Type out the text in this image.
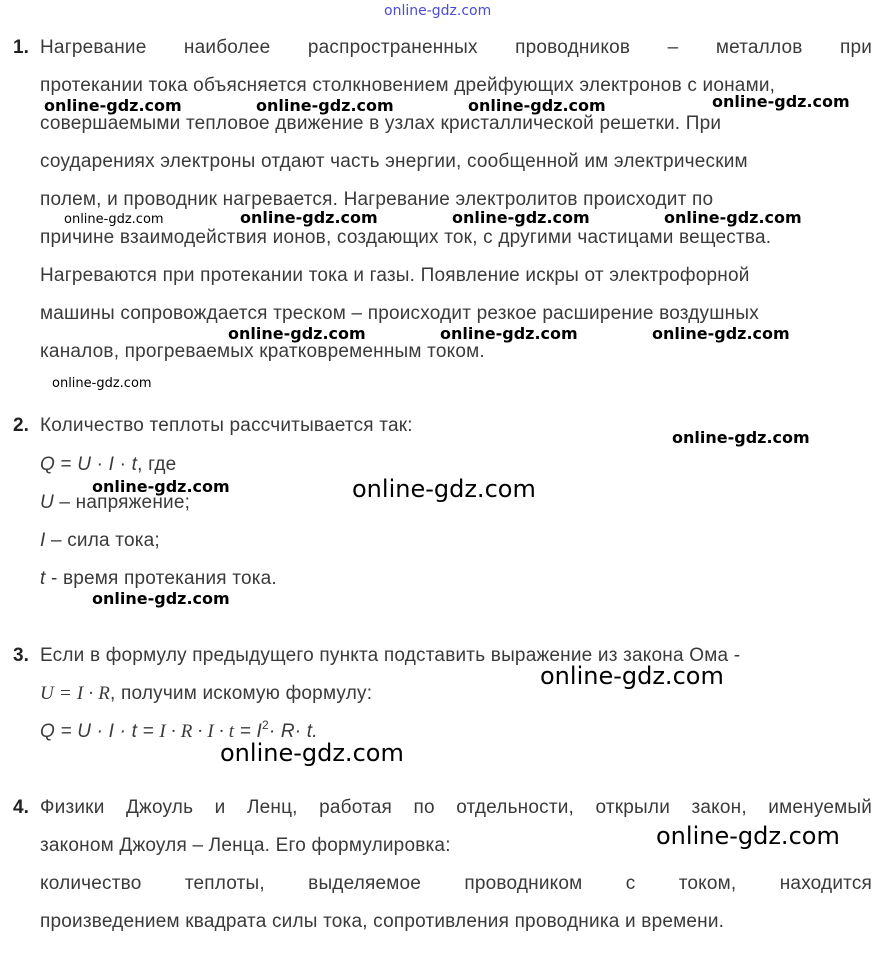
online-gdz.com
1. Нагревание наиболее распространенных проводников – металлов при
протекании тока объясняется столкновением дрейфующих электронов с ионами,
совершаемыми тепловое движение в узлах кристаллической решетки. При
соударениях электроны отдают часть энергии, сообщенной им электрическим
полем, и проводник нагревается. Нагревание электролитов происходит по
причине взаимодействия ионов, создающих ток, с другими частицами вещества.
Нагреваются при протекании тока и газы. Появление искры от электрофорной
машины сопровождается треском – происходит резкое расширение воздушных
каналов, прогреваемых кратковременным током.
online-gdz.com	online-gdz.com	online-gdz.com	online-gdz.com
online-gdz.com	online-gdz.com	online-gdz.com	online-gdz.com
online-gdz.com	online-gdz.com	online-gdz.com
online-gdz.com
2. Количество теплоты рассчитывается так:
Q = U · I · t, где
U – напряжение;
I – сила тока;
t - время протекания тока.
online-gdz.com
online-gdz.com	online-gdz.com
online-gdz.com
3. Если в формулу предыдущего пункта подставить выражение из закона Ома -
U = I · R, получим искомую формулу:
$Q = U \cdot I \cdot t = I \cdot R \cdot I \cdot t = I^2\cdot R\cdot t$.
online-gdz.com
online-gdz.com
4. Физики Джоуль и Ленц, работая по отдельности, открыли закон, именуемый
законом Джоуля – Ленца. Его формулировка:
количество теплоты, выделяемое проводником с током, находится
произведением квадрата силы тока, сопротивления проводника и времени.
online-gdz.com
